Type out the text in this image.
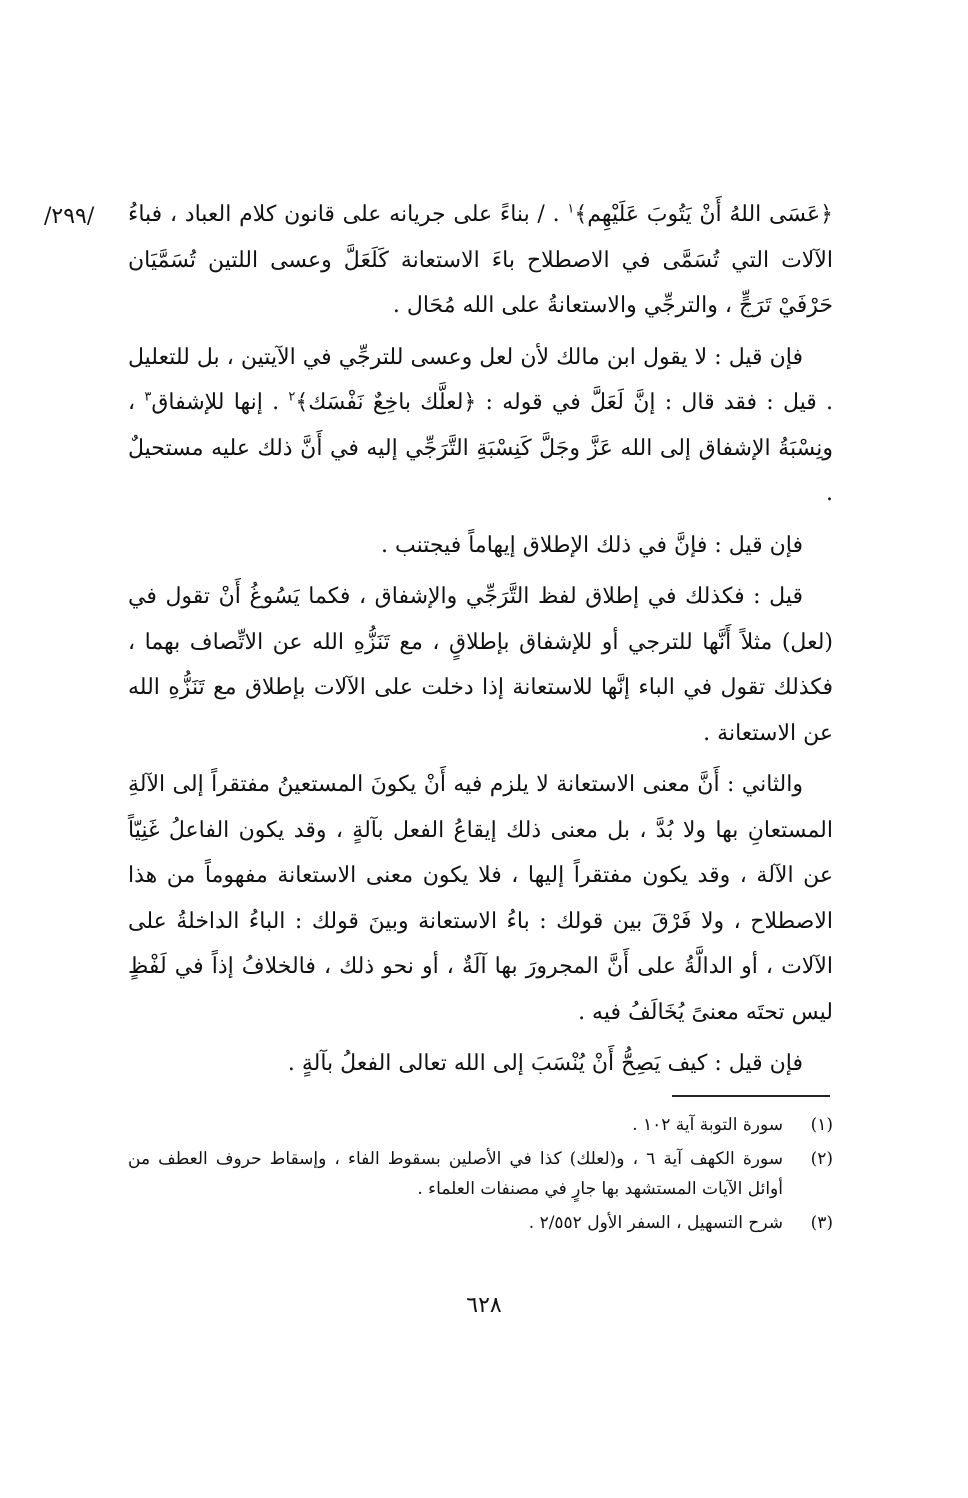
/٢٩٩/	﴿عَسَى اللهُ أَنْ يَتُوبَ عَلَيْهِم﴾$^١$ . / بناءً على جريانه على قانون كلام العباد ، فباءُ الآلات التي تُسَمَّى في الاصطلاح باءَ الاستعانة كَلَعَلَّ وعسى اللتين تُسَمَّيَان حَرْفَيْ تَرَجٍّ ، والترجِّي والاستعانةُ على الله مُحَال .

فإن قيل : لا يقول ابن مالك لأن لعل وعسى للترجِّي في الآيتين ، بل للتعليل . قيل : فقد قال : إنَّ لَعَلَّ في قوله : ﴿لعلَّك باخِعٌ نَفْسَك﴾$^٢$ . إنها للإشفاق$^٣$ ، ونِسْبَةُ الإشفاق إلى الله عَزَّ وجَلَّ كَنِسْبَةِ التَّرَجِّي إليه في أَنَّ ذلك عليه مستحيلٌ .

فإن قيل : فإنَّ في ذلك الإطلاق إيهاماً فيجتنب .

قيل : فكذلك في إطلاق لفظ التَّرَجِّي والإشفاق ، فكما يَسُوغُ أَنْ تقول في (لعل) مثلاً أَنَّها للترجي أو للإشفاق بإطلاقٍ ، مع تَنَزُّهِ الله عن الاتِّصاف بهما ، فكذلك تقول في الباء إنَّها للاستعانة إذا دخلت على الآلات بإطلاق مع تَنَزُّهِ الله عن الاستعانة .

والثاني : أَنَّ معنى الاستعانة لا يلزم فيه أَنْ يكونَ المستعينُ مفتقراً إلى الآلةِ المستعانِ بها ولا بُدَّ ، بل معنى ذلك إيقاعُ الفعل بآلةٍ ، وقد يكون الفاعلُ غَنِيّاً عن الآلة ، وقد يكون مفتقراً إليها ، فلا يكون معنى الاستعانة مفهوماً من هذا الاصطلاح ، ولا فَرْقَ بين قولك : باءُ الاستعانة وبينَ قولك : الباءُ الداخلةُ على الآلات ، أو الدالَّةُ على أَنَّ المجرورَ بها آلَةٌ ، أو نحو ذلك ، فالخلافُ إذاً في لَفْظٍ ليس تحتَه معنىً يُخَالَفُ فيه .

فإن قيل : كيف يَصِحُّ أَنْ يُنْسَبَ إلى الله تعالى الفعلُ بآلةٍ .

(١)
سورة التوبة آية ١٠٢ .
(٢)
سورة الكهف آية ٦ ، و(لعلك) كذا في الأصلين بسقوط الفاء ، وإسقاط حروف العطف من أوائل الآيات المستشهد بها جارٍ في مصنفات العلماء .
(٣)
شرح التسهيل ، السفر الأول ٢/٥٥٢ .
٦٢٨
